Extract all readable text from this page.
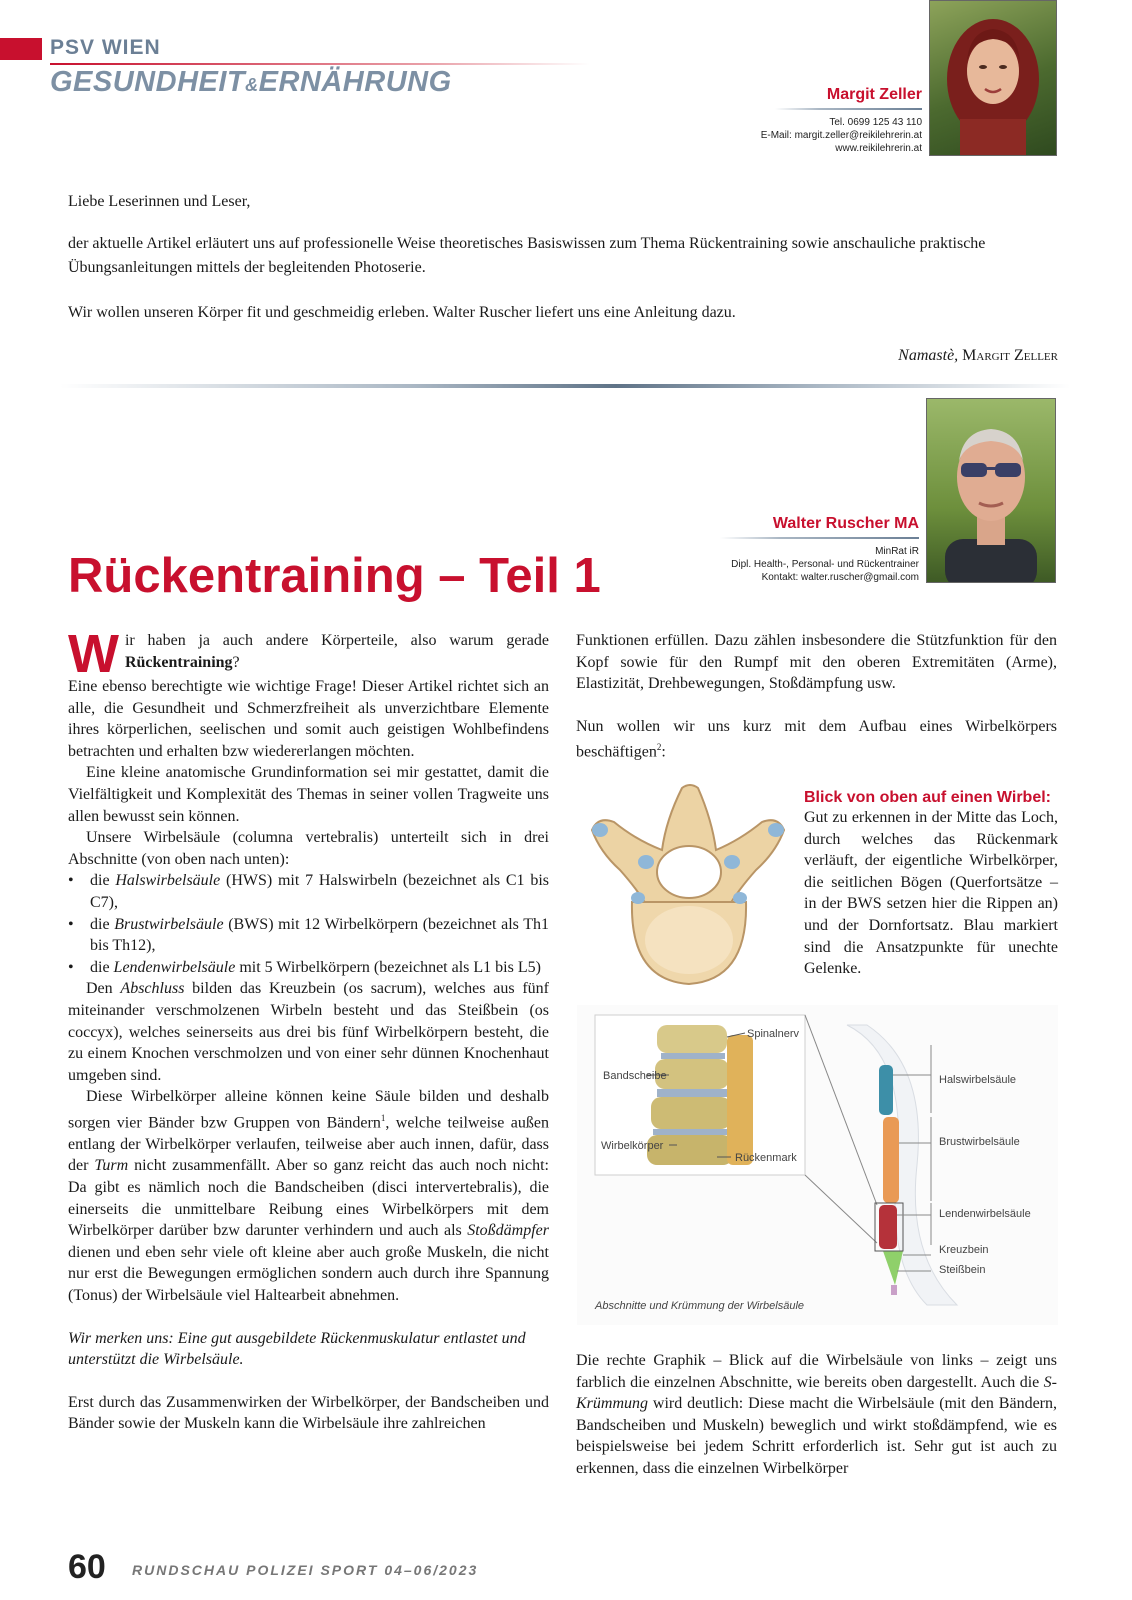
PSV WIEN
GESUNDHEIT&ERNÄHRUNG	Margit Zeller
Tel. 0699 125 43 110
E-Mail: margit.zeller@reikilehrerin.at
www.reikilehrerin.at
Liebe Leserinnen und Leser,
der aktuelle Artikel erläutert uns auf professionelle Weise theoretisches Basiswissen zum Thema Rückentraining sowie anschauliche praktische Übungsanleitungen mittels der begleitenden Photoserie.
Wir wollen unseren Körper fit und geschmeidig erleben. Walter Ruscher liefert uns eine Anleitung dazu.
Namastè, Margit Zeller
Walter Ruscher MA
MinRat iR
Dipl. Health-, Personal- und Rückentrainer
Kontakt: walter.ruscher@gmail.com
Rückentraining – Teil 1

Wir haben ja auch andere Körperteile, also warum gerade Rückentraining?

Eine ebenso berechtigte wie wichtige Frage! Dieser Artikel richtet sich an alle, die Gesundheit und Schmerzfreiheit als unverzichtbare Elemente ihres körperlichen, seelischen und somit auch geistigen Wohlbefindens betrachten und erhalten bzw wiedererlangen möchten.

Eine kleine anatomische Grundinformation sei mir gestattet, damit die Vielfältigkeit und Komplexität des Themas in seiner vollen Tragweite uns allen bewusst sein können.

Unsere Wirbelsäule (columna vertebralis) unterteilt sich in drei Abschnitte (von oben nach unten):

• die Halswirbelsäule (HWS) mit 7 Halswirbeln (bezeichnet als C1 bis C7),
• die Brustwirbelsäule (BWS) mit 12 Wirbelkörpern (bezeichnet als Th1 bis Th12),
• die Lendenwirbelsäule mit 5 Wirbelkörpern (bezeichnet als L1 bis L5)

Den Abschluss bilden das Kreuzbein (os sacrum), welches aus fünf miteinander verschmolzenen Wirbeln besteht und das Steißbein (os coccyx), welches seinerseits aus drei bis fünf Wirbelkörpern besteht, die zu einem Knochen verschmolzen und von einer sehr dünnen Knochenhaut umgeben sind.

Diese Wirbelkörper alleine können keine Säule bilden und deshalb sorgen vier Bänder bzw Gruppen von Bändern$^1$, welche teilweise außen entlang der Wirbelkörper verlaufen, teilweise aber auch innen, dafür, dass der Turm nicht zusammenfällt. Aber so ganz reicht das auch noch nicht: Da gibt es nämlich noch die Bandscheiben (disci intervertebralis), die einerseits die unmittelbare Reibung eines Wirbelkörpers mit dem Wirbelkörper darüber bzw darunter verhindern und auch als Stoßdämpfer dienen und eben sehr viele oft kleine aber auch große Muskeln, die nicht nur erst die Bewegungen ermöglichen sondern auch durch ihre Spannung (Tonus) der Wirbelsäule viel Haltearbeit abnehmen.

Wir merken uns: Eine gut ausgebildete Rückenmuskulatur entlastet und unterstützt die Wirbelsäule.

Erst durch das Zusammenwirken der Wirbelkörper, der Bandscheiben und Bänder sowie der Muskeln kann die Wirbelsäule ihre zahlreichen

Funktionen erfüllen. Dazu zählen insbesondere die Stützfunktion für den Kopf sowie für den Rumpf mit den oberen Extremitäten (Arme), Elastizität, Drehbewegungen, Stoßdämpfung usw.

Nun wollen wir uns kurz mit dem Aufbau eines Wirbelkörpers beschäftigen$^2$:

Blick von oben auf einen Wirbel:
Gut zu erkennen in der Mitte das Loch, durch welches das Rückenmark verläuft, der eigentliche Wirbelkörper, die seitlichen Bögen (Querfortsätze – in der BWS setzen hier die Rippen an) und der Dornfortsatz. Blau markiert sind die Ansatzpunkte für unechte Gelenke.
Spinalnerv
Bandscheibe
Wirbelkörper
Rückenmark
Halswirbelsäule
Brustwirbelsäule
Lendenwirbelsäule
Kreuzbein
Steißbein
Abschnitte und Krümmung der Wirbelsäule

Die rechte Graphik – Blick auf die Wirbelsäule von links – zeigt uns farblich die einzelnen Abschnitte, wie bereits oben dargestellt. Auch die S-Krümmung wird deutlich: Diese macht die Wirbelsäule (mit den Bändern, Bandscheiben und Muskeln) beweglich und wirkt stoßdämpfend, wie es beispielsweise bei jedem Schritt erforderlich ist. Sehr gut ist auch zu erkennen, dass die einzelnen Wirbelkörper

60 RUNDSCHAU POLIZEI SPORT 04–06/2023
